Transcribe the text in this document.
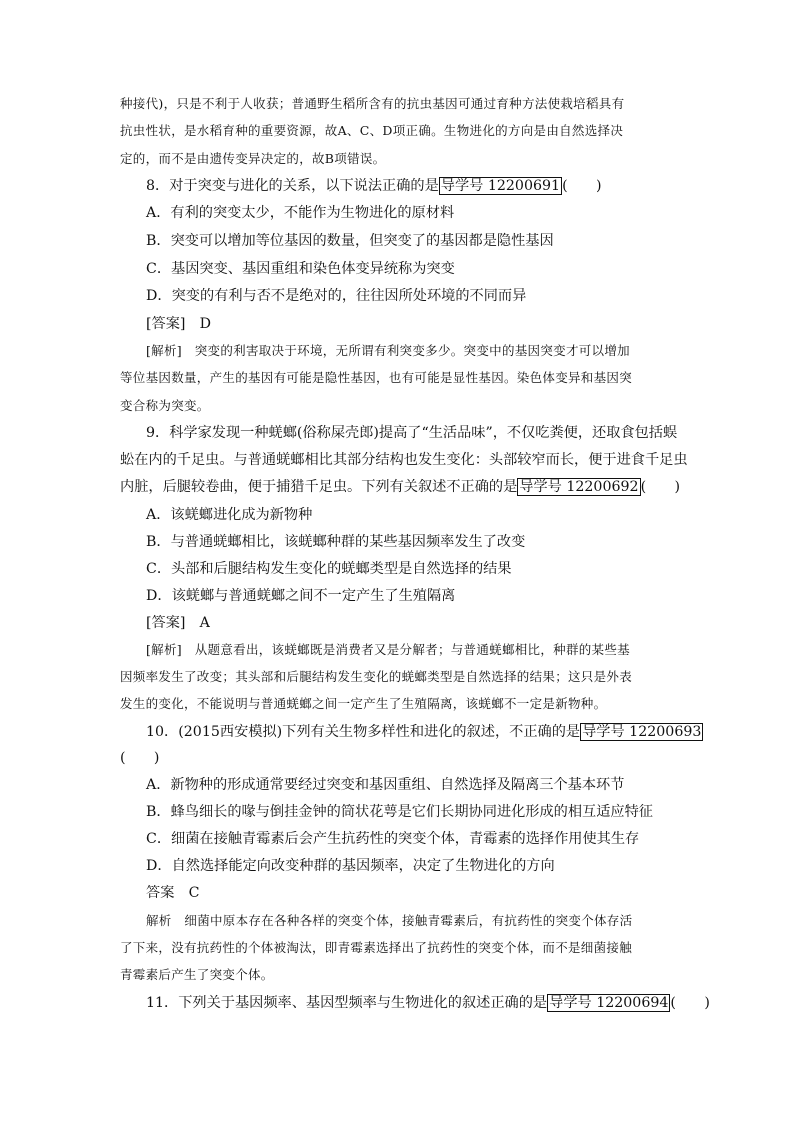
种接代)，只是不利于人收获；普通野生稻所含有的抗虫基因可通过育种方法使栽培稻具有
抗虫性状，是水稻育种的重要资源，故A、C、D项正确。生物进化的方向是由自然选择决
定的，而不是由遗传变异决定的，故B项错误。
8．对于突变与进化的关系，以下说法正确的是 导学号 12200691 (　　)
A．有利的突变太少，不能作为生物进化的原材料
B．突变可以增加等位基因的数量，但突变了的基因都是隐性基因
C．基因突变、基因重组和染色体变异统称为突变
D．突变的有利与否不是绝对的，往往因所处环境的不同而异
[答案]　D
[解析]　突变的利害取决于环境，无所谓有利突变多少。突变中的基因突变才可以增加
等位基因数量，产生的基因有可能是隐性基因，也有可能是显性基因。染色体变异和基因突
变合称为突变。
9．科学家发现一种蜣螂(俗称屎壳郎)提高了“生活品味”，不仅吃粪便，还取食包括蜈
蚣在内的千足虫。与普通蜣螂相比其部分结构也发生变化：头部较窄而长，便于进食千足虫
内脏，后腿较卷曲，便于捕猎千足虫。下列有关叙述不正确的是 导学号 12200692 (　　)
A．该蜣螂进化成为新物种
B．与普通蜣螂相比，该蜣螂种群的某些基因频率发生了改变
C．头部和后腿结构发生变化的蜣螂类型是自然选择的结果
D．该蜣螂与普通蜣螂之间不一定产生了生殖隔离
[答案]　A
[解析]　从题意看出，该蜣螂既是消费者又是分解者；与普通蜣螂相比，种群的某些基
因频率发生了改变；其头部和后腿结构发生变化的蜣螂类型是自然选择的结果；这只是外表
发生的变化，不能说明与普通蜣螂之间一定产生了生殖隔离，该蜣螂不一定是新物种。
10．(2015西安模拟)下列有关生物多样性和进化的叙述，不正确的是 导学号 12200693
(　　)
A．新物种的形成通常要经过突变和基因重组、自然选择及隔离三个基本环节
B．蜂鸟细长的喙与倒挂金钟的筒状花萼是它们长期协同进化形成的相互适应特征
C．细菌在接触青霉素后会产生抗药性的突变个体，青霉素的选择作用使其生存
D．自然选择能定向改变种群的基因频率，决定了生物进化的方向
答案　C
解析　细菌中原本存在各种各样的突变个体，接触青霉素后，有抗药性的突变个体存活
了下来，没有抗药性的个体被淘汰，即青霉素选择出了抗药性的突变个体，而不是细菌接触
青霉素后产生了突变个体。
11．下列关于基因频率、基因型频率与生物进化的叙述正确的是 导学号 12200694 (　　)
